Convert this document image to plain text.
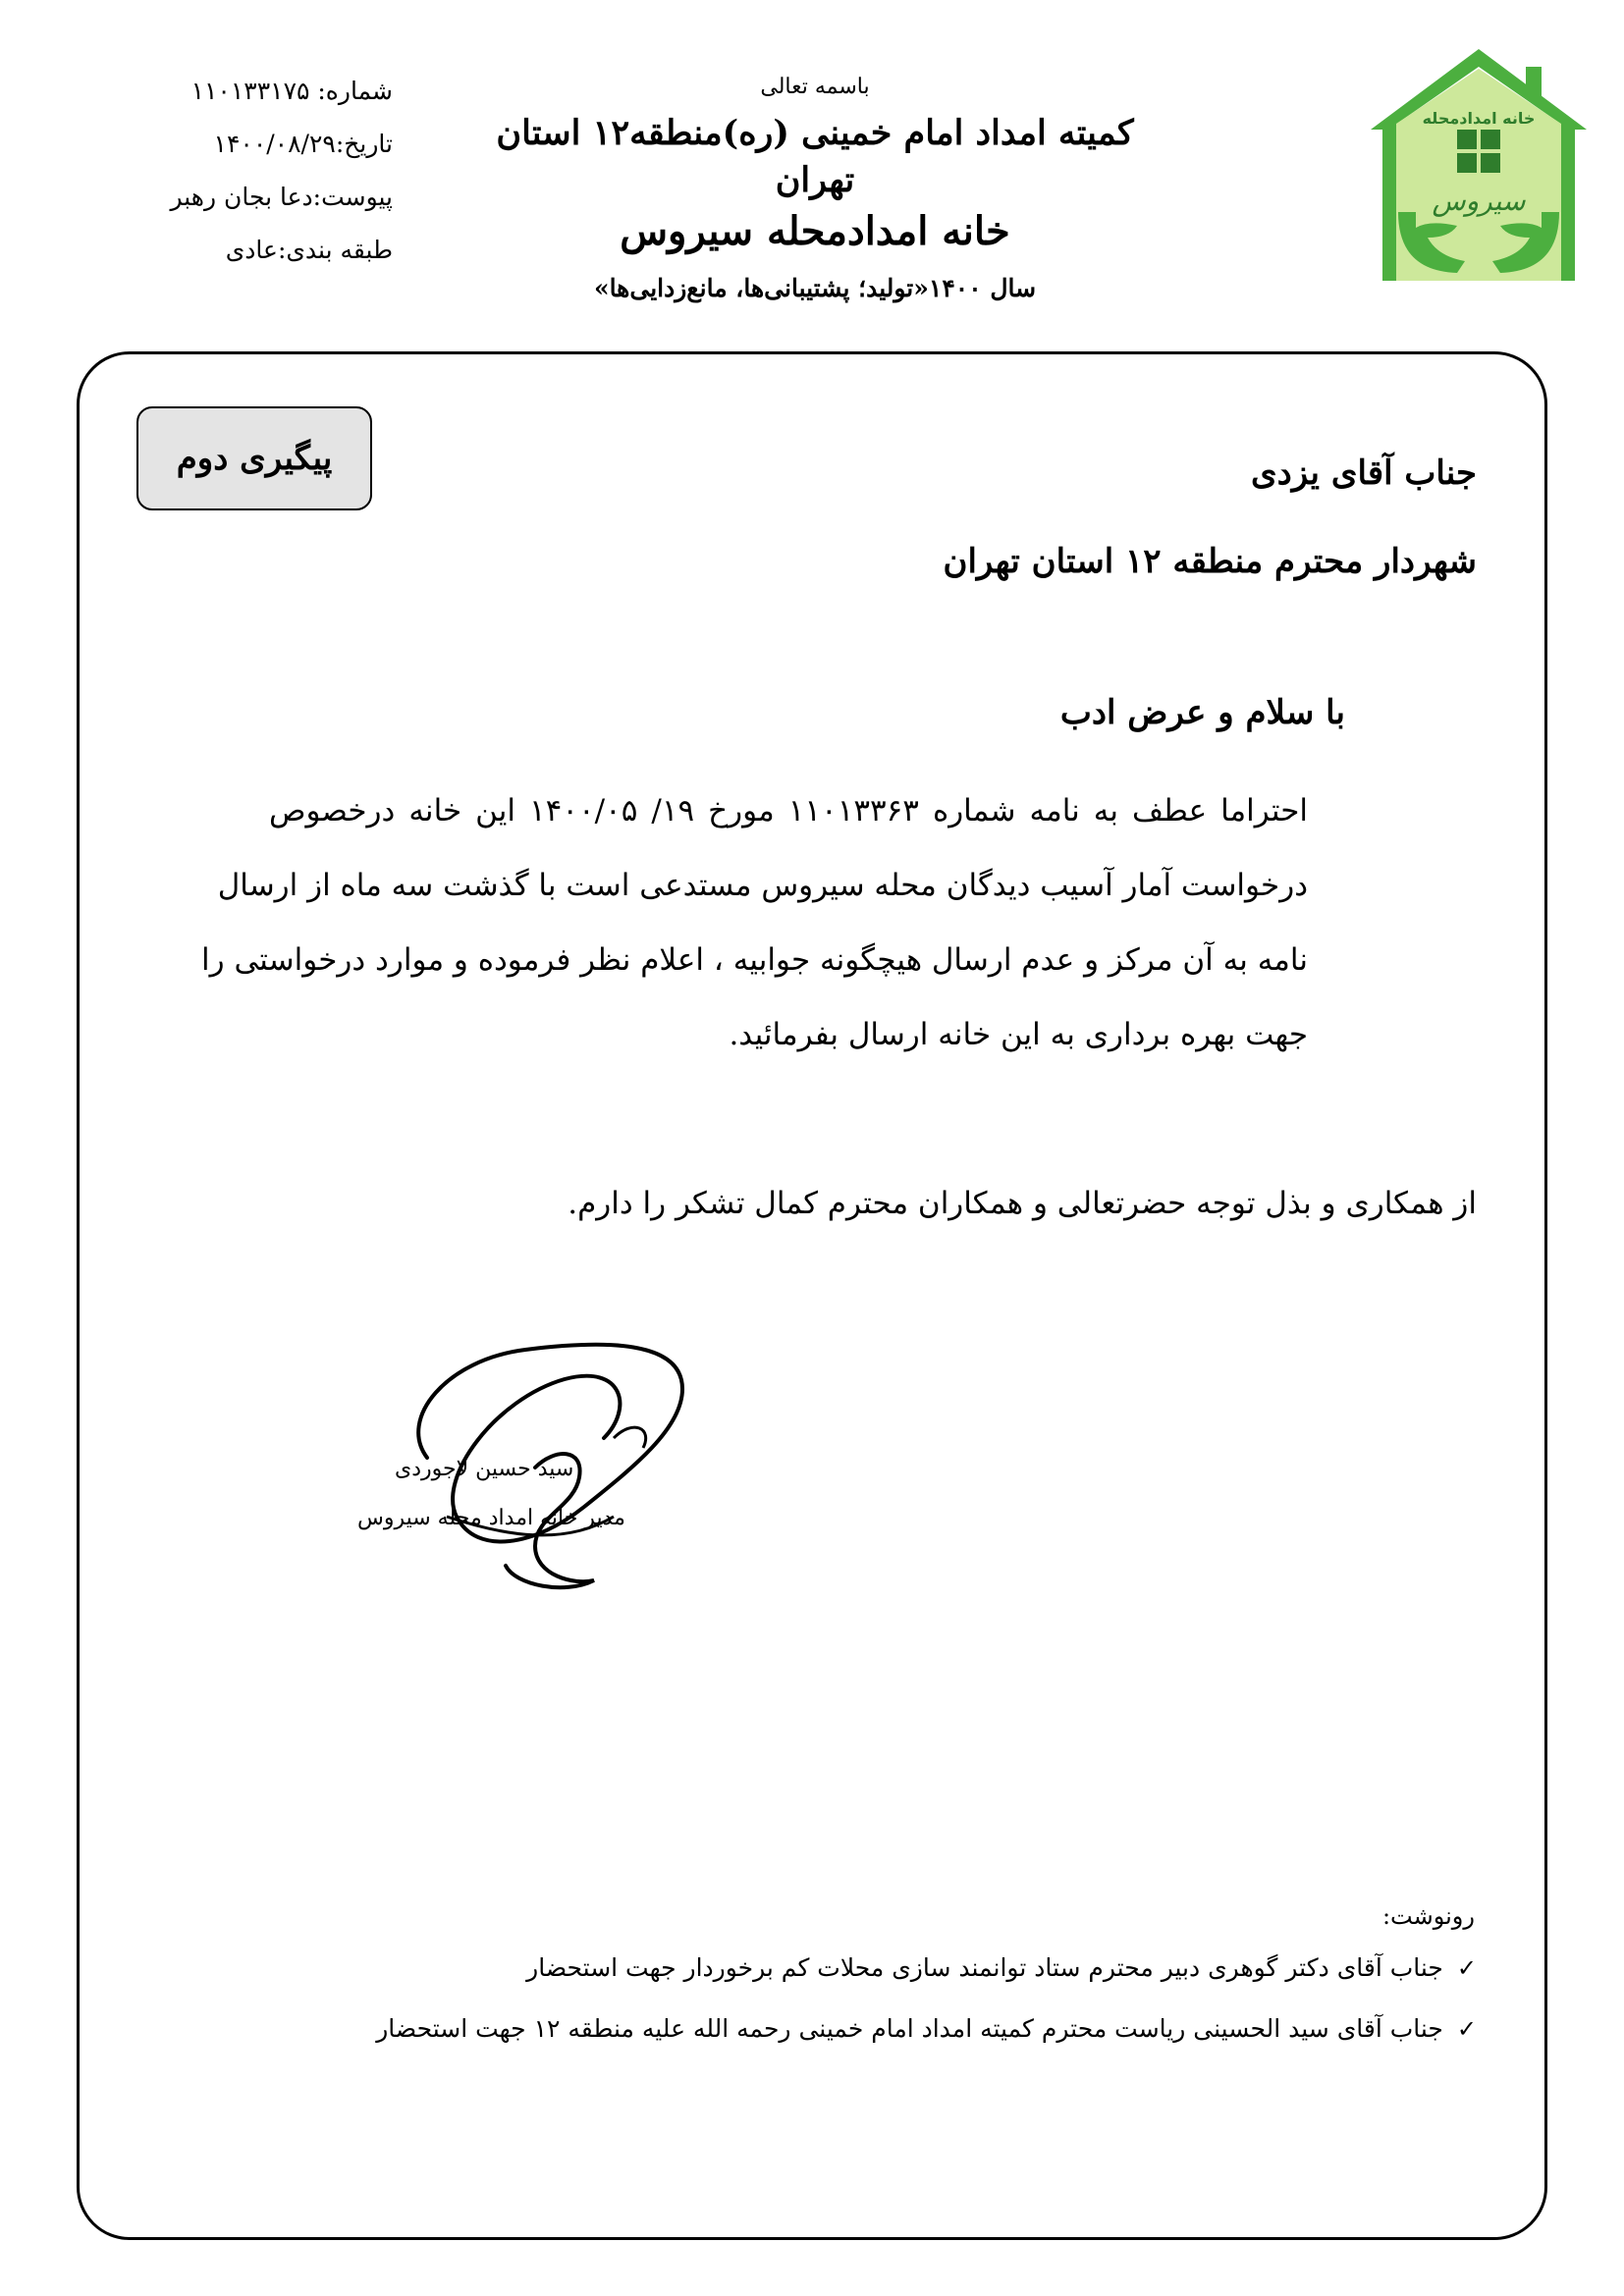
خانه امدادمحله
سیروس
شماره: ۱۱۰۱۳۳۱۷۵
تاریخ:۱۴۰۰/۰۸/۲۹
پیوست:دعا بجان رهبر
طبقه بندی:عادی
باسمه تعالی
کمیته امداد امام خمینی (ره)منطقه۱۲ استان تهران
خانه امدادمحله سیروس
سال ۱۴۰۰«تولید؛ پشتیبانی‌ها، مانع‌زدایی‌ها»
پیگیری دوم	جناب آقای یزدی
شهردار محترم منطقه ۱۲ استان تهران
با سلام و عرض ادب
احتراما عطف به نامه شماره ۱۱۰۱۳۳۶۳ مورخ ۱۹/ ۱۴۰۰/۰۵ این خانه درخصوص
درخواست آمار آسیب دیدگان محله سیروس مستدعی است با گذشت سه ماه از ارسال
نامه به آن مرکز و عدم ارسال هیچگونه جوابیه ، اعلام نظر فرموده و موارد درخواستی را
جهت بهره برداری به این خانه ارسال بفرمائید.
از همکاری و بذل توجه حضرتعالی و همکاران محترم کمال تشکر را دارم.
سید حسین لاجوردی
مدیر خانه امداد محله سیروس
رونوشت:
✓
جناب آقای دکتر گوهری دبیر محترم ستاد توانمند سازی محلات کم برخوردار جهت استحضار
✓
جناب آقای سید الحسینی ریاست محترم کمیته امداد امام خمینی رحمه الله علیه منطقه ۱۲ جهت استحضار
